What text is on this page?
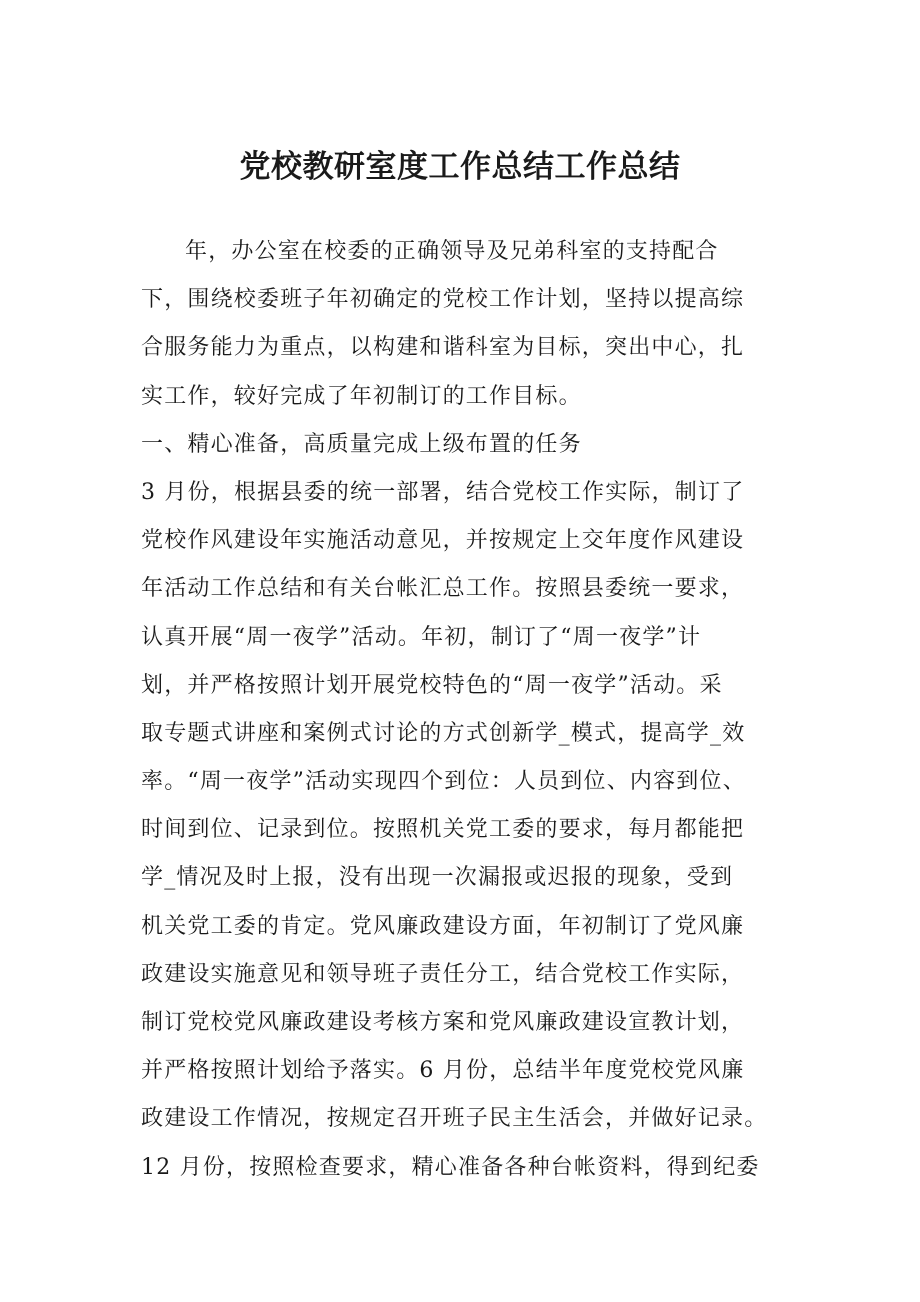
党校教研室度工作总结工作总结
年，办公室在校委的正确领导及兄弟科室的支持配合
下，围绕校委班子年初确定的党校工作计划，坚持以提高综
合服务能力为重点，以构建和谐科室为目标，突出中心，扎
实工作，较好完成了年初制订的工作目标。
一、精心准备，高质量完成上级布置的任务
3 月份，根据县委的统一部署，结合党校工作实际，制订了
党校作风建设年实施活动意见，并按规定上交年度作风建设
年活动工作总结和有关台帐汇总工作。按照县委统一要求，
认真开展“周一夜学”活动。年初，制订了“周一夜学”计
划，并严格按照计划开展党校特色的“周一夜学”活动。采
取专题式讲座和案例式讨论的方式创新学_模式，提高学_效
率。“周一夜学”活动实现四个到位：人员到位、内容到位、
时间到位、记录到位。按照机关党工委的要求，每月都能把
学_情况及时上报，没有出现一次漏报或迟报的现象，受到
机关党工委的肯定。党风廉政建设方面，年初制订了党风廉
政建设实施意见和领导班子责任分工，结合党校工作实际，
制订党校党风廉政建设考核方案和党风廉政建设宣教计划，
并严格按照计划给予落实。6 月份，总结半年度党校党风廉
政建设工作情况，按规定召开班子民主生活会，并做好记录。
12 月份，按照检查要求，精心准备各种台帐资料，得到纪委
